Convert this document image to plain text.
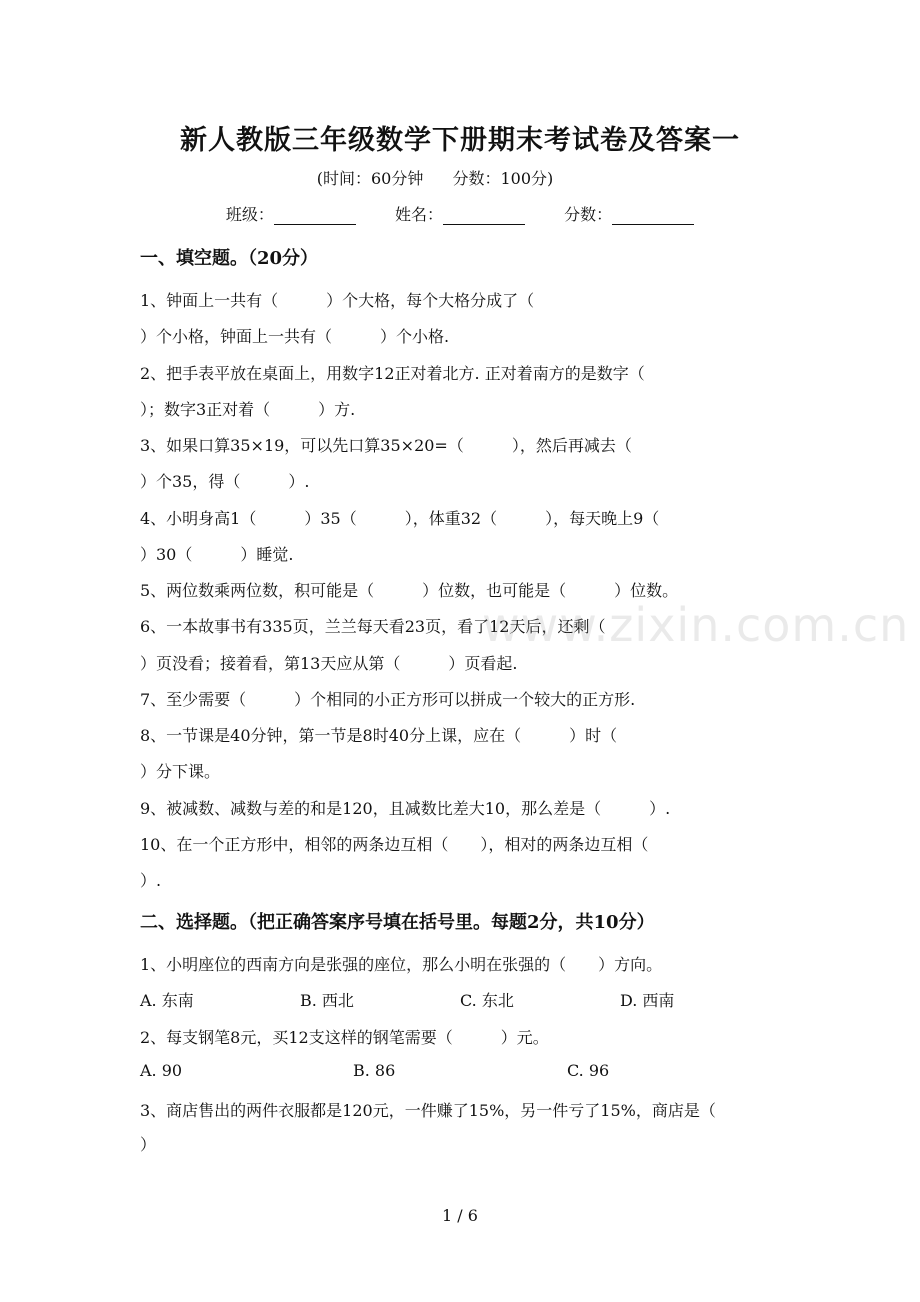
新人教版三年级数学下册期末考试卷及答案一
(时间：60分钟 分数：100分)
班级：	姓名：	分数：
一、填空题。（20分）
1、钟面上一共有（　　　）个大格，每个大格分成了（
）个小格，钟面上一共有（　　　）个小格.
2、把手表平放在桌面上，用数字12正对着北方. 正对着南方的是数字（
）；数字3正对着（　　　）方.
3、如果口算35×19，可以先口算35×20=（　　　），然后再减去（
）个35，得（　　　）.
4、小明身高1（　　　）35（　　　），体重32（　　　），每天晚上9（
）30（　　　）睡觉.
5、两位数乘两位数，积可能是（　　　）位数，也可能是（　　　）位数。
6、一本故事书有335页，兰兰每天看23页，看了12天后，还剩（
）页没看；接着看，第13天应从第（　　　）页看起.
7、至少需要（　　　）个相同的小正方形可以拼成一个较大的正方形.
8、一节课是40分钟，第一节是8时40分上课，应在（　　　）时（
）分下课。
9、被减数、减数与差的和是120，且减数比差大10，那么差是（　　　）.
10、在一个正方形中，相邻的两条边互相（　　），相对的两条边互相（
）.
www.zixin.com.cn
二、选择题。（把正确答案序号填在括号里。每题2分，共10分）
1、小明座位的西南方向是张强的座位，那么小明在张强的（　　）方向。
A. 东南	B. 西北	C. 东北	D. 西南
2、每支钢笔8元，买12支这样的钢笔需要（　　　）元。
A. 90	B. 86	C. 96
3、商店售出的两件衣服都是120元，一件赚了15%，另一件亏了15%，商店是（
）
1 / 6
